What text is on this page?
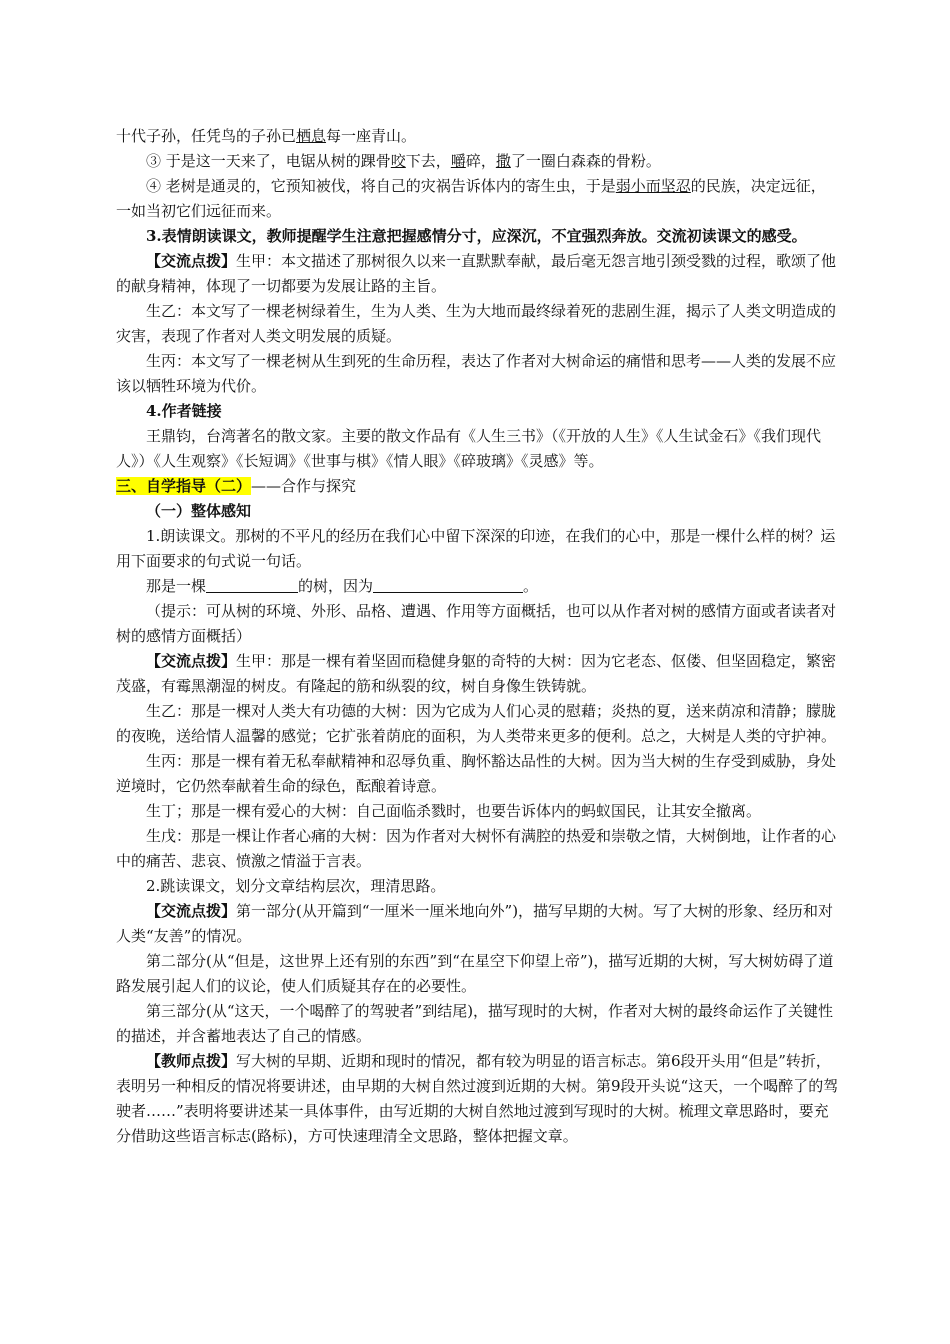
十代子孙，任凭鸟的子孙已栖息每一座青山。

③ 于是这一天来了，电锯从树的踝骨咬下去，嚼碎，撒了一圈白森森的骨粉。

④ 老树是通灵的，它预知被伐，将自己的灾祸告诉体内的寄生虫，于是弱小而坚忍的民族，决定远征，一如当初它们远征而来。

3.表情朗读课文，教师提醒学生注意把握感情分寸，应深沉，不宜强烈奔放。交流初读课文的感受。

【交流点拨】生甲：本文描述了那树很久以来一直默默奉献，最后毫无怨言地引颈受戮的过程，歌颂了他的献身精神，体现了一切都要为发展让路的主旨。

生乙：本文写了一棵老树绿着生，生为人类、生为大地而最终绿着死的悲剧生涯，揭示了人类文明造成的灾害，表现了作者对人类文明发展的质疑。

生丙：本文写了一棵老树从生到死的生命历程，表达了作者对大树命运的痛惜和思考——人类的发展不应该以牺牲环境为代价。

4.作者链接

王鼎钧，台湾著名的散文家。主要的散文作品有《人生三书》（《开放的人生》《人生试金石》《我们现代人》）《人生观察》《长短调》《世事与棋》《情人眼》《碎玻璃》《灵感》等。

三、自学指导（二）——合作与探究

（一）整体感知

1.朗读课文。那树的不平凡的经历在我们心中留下深深的印迹，在我们的心中，那是一棵什么样的树？运用下面要求的句式说一句话。

那是一棵	的树，因为	。

（提示：可从树的环境、外形、品格、遭遇、作用等方面概括，也可以从作者对树的感情方面或者读者对树的感情方面概括）

【交流点拨】生甲：那是一棵有着坚固而稳健身躯的奇特的大树：因为它老态、伛偻、但坚固稳定，繁密茂盛，有霉黑潮湿的树皮。有隆起的筋和纵裂的纹，树自身像生铁铸就。

生乙：那是一棵对人类大有功德的大树：因为它成为人们心灵的慰藉；炎热的夏，送来荫凉和清静；朦胧的夜晚，送给情人温馨的感觉；它扩张着荫庇的面积，为人类带来更多的便利。总之，大树是人类的守护神。

生丙：那是一棵有着无私奉献精神和忍辱负重、胸怀豁达品性的大树。因为当大树的生存受到威胁，身处逆境时，它仍然奉献着生命的绿色，酝酿着诗意。

生丁；那是一棵有爱心的大树：自己面临杀戮时，也要告诉体内的蚂蚁国民，让其安全撤离。

生戊：那是一棵让作者心痛的大树：因为作者对大树怀有满腔的热爱和崇敬之情，大树倒地，让作者的心中的痛苦、悲哀、愤激之情溢于言表。

2.跳读课文，划分文章结构层次，理清思路。

【交流点拨】第一部分(从开篇到“一厘米一厘米地向外”)，描写早期的大树。写了大树的形象、经历和对人类“友善”的情况。

第二部分(从“但是，这世界上还有别的东西”到“在星空下仰望上帝”)，描写近期的大树，写大树妨碍了道路发展引起人们的议论，使人们质疑其存在的必要性。

第三部分(从“这天，一个喝醉了的驾驶者”到结尾)，描写现时的大树，作者对大树的最终命运作了关键性的描述，并含蓄地表达了自己的情感。

【教师点拨】写大树的早期、近期和现时的情况，都有较为明显的语言标志。第6段开头用“但是”转折，表明另一种相反的情况将要讲述，由早期的大树自然过渡到近期的大树。第9段开头说“这天，一个喝醉了的驾驶者……”表明将要讲述某一具体事件，由写近期的大树自然地过渡到写现时的大树。梳理文章思路时，要充分借助这些语言标志(路标)，方可快速理清全文思路，整体把握文章。
